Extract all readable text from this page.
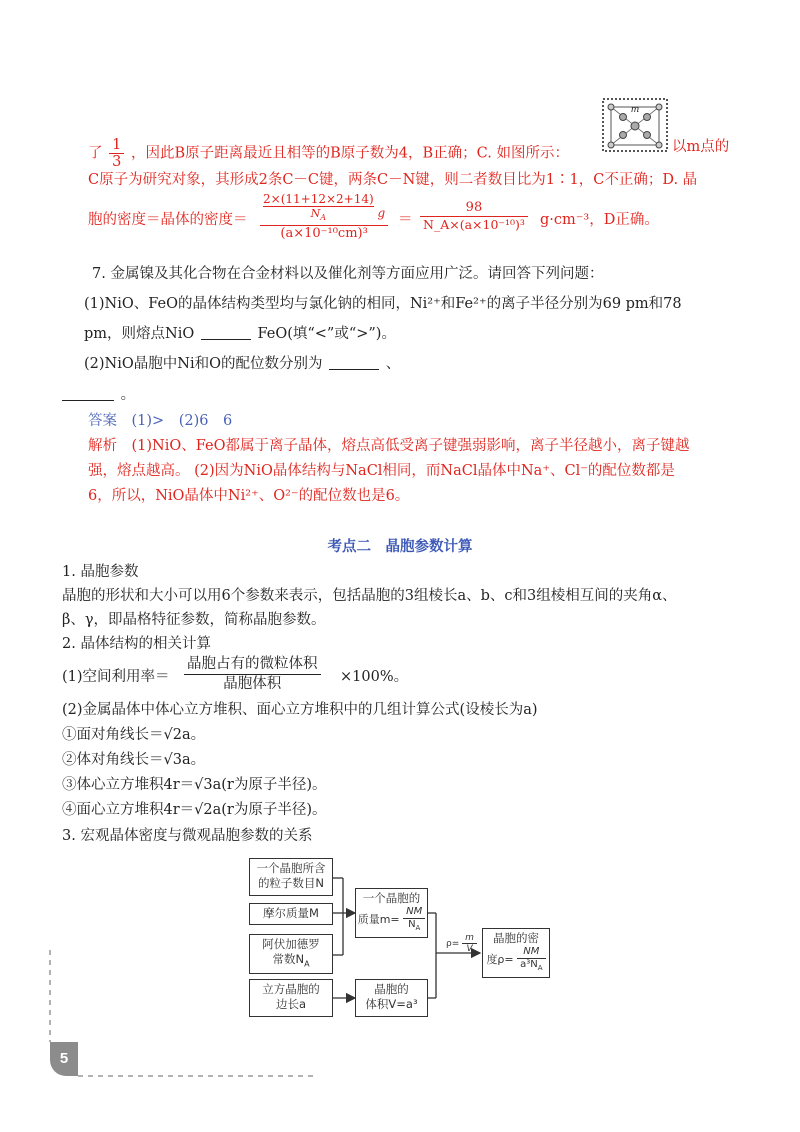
了 $\frac{1}{3}$ ，因此B原子距离最近且相等的B原子数为4，B正确；C. 如图所示：
m
以m点的
C原子为研究对象，其形成2条C－C键，两条C－N键，则二者数目比为1∶1，C不正确；D. 晶
胞的密度＝晶体的密度＝ $\frac{\frac{2\times(11+12\times 2+14)}{N_A} g}{\text{(a×10⁻¹⁰cm)³}} = \frac{98}{\text{N\_A×(a×10⁻¹⁰)³}} g\cdot cm^{-3}$，D正确。
7. 金属镍及其化合物在合金材料以及催化剂等方面应用广泛。请回答下列问题：
(1)NiO、FeO的晶体结构类型均与氯化钠的相同，Ni²⁺和Fe²⁺的离子半径分别为69 pm和78
pm，则熔点NiO	FeO(填“<”或“>”)。
(2)NiO晶胞中Ni和O的配位数分别为	、
。
答案　(1)>　(2)6　6
解析　(1)NiO、FeO都属于离子晶体，熔点高低受离子键强弱影响，离子半径越小，离子键越
强，熔点越高。 (2)因为NiO晶体结构与NaCl相同，而NaCl晶体中Na⁺、Cl⁻的配位数都是
6，所以，NiO晶体中Ni²⁺、O²⁻的配位数也是6。
考点二　晶胞参数计算
1. 晶胞参数
晶胞的形状和大小可以用6个参数来表示，包括晶胞的3组棱长a、b、c和3组棱相互间的夹角α、
β、γ，即晶格特征参数，简称晶胞参数。
2. 晶体结构的相关计算
(1)空间利用率＝
晶胞占有的微粒体积
晶胞体积	×100%。
(2)金属晶体中体心立方堆积、面心立方堆积中的几组计算公式(设棱长为a)
①面对角线长＝√2a。
②体对角线长＝√3a。
③体心立方堆积4r＝√3a(r为原子半径)。
④面心立方堆积4r＝√2a(r为原子半径)。
3. 宏观晶体密度与微观晶胞参数的关系
一个晶胞所含
的粒子数目N
摩尔质量M
阿伏加德罗
常数$N_A$
立方晶胞的
边长a
一个晶胞的
质量$m= \frac{NM}{N_A}$
晶胞的
体积V=a³
$\rho= \frac{m}{V}$	晶胞的密
度$\rho= \frac{NM}{a^3N_A}$
5
